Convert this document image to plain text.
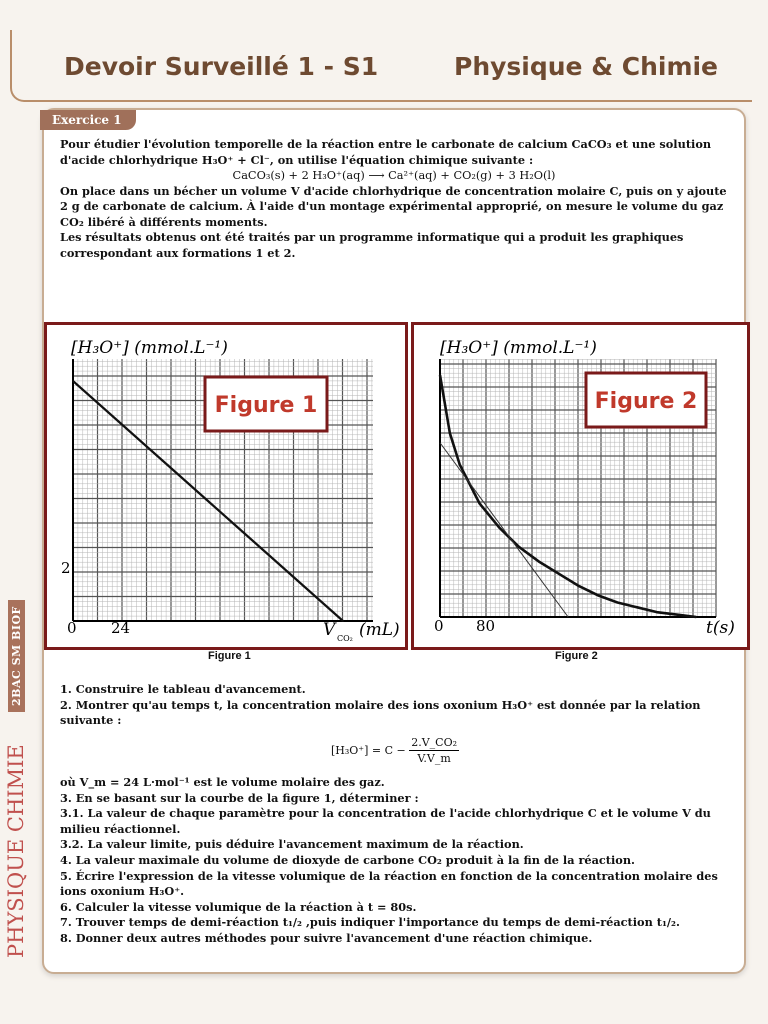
Devoir Surveillé 1 - S1	Physique & Chimie
2BAC SM BIOF
PHYSIQUE CHIMIE
Exercice 1

Pour étudier l'évolution temporelle de la réaction entre le carbonate de calcium CaCO₃ et une solution d'acide chlorhydrique H₃O⁺ + Cl⁻, on utilise l'équation chimique suivante :

CaCO₃(s) + 2 H₃O⁺(aq) ⟶ Ca²⁺(aq) + CO₂(g) + 3 H₂O(l)

On place dans un bécher un volume V d'acide chlorhydrique de concentration molaire C, puis on y ajoute 2 g de carbonate de calcium. À l'aide d'un montage expérimental approprié, on mesure le volume du gaz CO₂ libéré à différents moments.

Les résultats obtenus ont été traités par un programme informatique qui a produit les graphiques correspondant aux formations 1 et 2.

[H₃O⁺] (mmol.L⁻¹)
2
0 24	V CO₂ (mL)
Figure 1
Figure 1
[H₃O⁺] (mmol.L⁻¹)
0 80	t(s)
Figure 2
Figure 2

1. Construire le tableau d'avancement.

2. Montrer qu'au temps t, la concentration molaire des ions oxonium H₃O⁺ est donnée par la relation suivante :

$[H_3O^+] = C - \frac{\text{2.V\_CO₂}}{V.V\_m}$

où V_m = 24 L·mol⁻¹ est le volume molaire des gaz.

3. En se basant sur la courbe de la figure 1, déterminer :

3.1. La valeur de chaque paramètre pour la concentration de l'acide chlorhydrique C et le volume V du milieu réactionnel.

3.2. La valeur limite, puis déduire l'avancement maximum de la réaction.

4. La valeur maximale du volume de dioxyde de carbone CO₂ produit à la fin de la réaction.

5. Écrire l'expression de la vitesse volumique de la réaction en fonction de la concentration molaire des ions oxonium H₃O⁺.

6. Calculer la vitesse volumique de la réaction à t = 80s.

7. Trouver temps de demi-réaction t₁/₂ ,puis indiquer l'importance du temps de demi-réaction t₁/₂.

8. Donner deux autres méthodes pour suivre l'avancement d'une réaction chimique.
